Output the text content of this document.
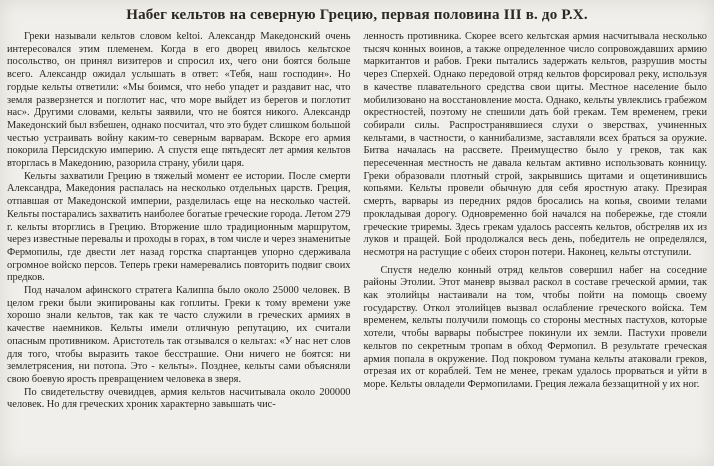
Набег кельтов на северную Грецию, первая половина III в. до Р.Х.

Греки называли кельтов словом keltoi. Александр Македонский очень интересовался этим племенем. Когда в его дворец явилось кельтское посольство, он принял визитеров и спросил их, чего они боятся больше всего. Александр ожидал услышать в ответ: «Тебя, наш господин». Но гордые кельты ответили: «Мы боимся, что небо упадет и раздавит нас, что земля разверзнется и поглотит нас, что море выйдет из берегов и поглотит нас». Другими словами, кельты заявили, что не боятся никого. Александр Македонский был взбешен, однако посчитал, что это будет слишком большой честью устраивать войну каким-то северным варварам. Вскоре его армия покорила Персидскую империю. А спустя еще пятьдесят лет армия кельтов вторглась в Македонию, разорила страну, убили царя.

Кельты захватили Грецию в тяжелый момент ее истории. После смерти Александра, Македония распалась на несколько отдельных царств. Греция, отпавшая от Македонской империи, разделилась еще на несколько частей. Кельты постарались захватить наиболее богатые греческие города. Летом 279 г. кельты вторглись в Грецию. Вторжение шло традиционным маршрутом, через известные перевалы и проходы в горах, в том числе и через знаменитые Фермопилы, где двести лет назад горстка спартанцев упорно сдерживала огромное войско персов. Теперь греки намеревались повторить подвиг своих предков.

Под началом афинского стратега Калиппа было около 25000 человек. В целом греки были экипированы как гоплиты. Греки к тому времени уже хорошо знали кельтов, так как те часто служили в греческих армиях в качестве наемников. Кельты имели отличную репутацию, их считали опасным противником. Аристотель так отзывался о кельтах: «У нас нет слов для того, чтобы выразить такое бесстрашие. Они ничего не боятся: ни землетрясения, ни потопа. Это - кельты». Позднее, кельты сами объясняли свою боевую ярость превращением человека в зверя.

По свидетельству очевидцев, армия кельтов насчитывала около 200000 человек. Но для греческих хроник характерно завышать чис-

ленность противника. Скорее всего кельтская армия насчитывала несколько тысяч конных воинов, а также определенное число сопровождавших армию маркитантов и рабов. Греки пытались задержать кельтов, разрушив мосты через Сперхей. Однако передовой отряд кельтов форсировал реку, используя в качестве плавательного средства свои щиты. Местное население было мобилизовано на восстановление моста. Однако, кельты увлеклись грабежом окрестностей, поэтому не спешили дать бой грекам. Тем временем, греки собирали силы. Распространявшиеся слухи о зверствах, учиненных кельтами, в частности, о каннибализме, заставляли всех браться за оружие. Битва началась на рассвете. Преимущество было у греков, так как пересеченная местность не давала кельтам активно использовать конницу. Греки образовали плотный строй, закрывшись щитами и ощетинившись копьями. Кельты провели обычную для себя яростную атаку. Презирая смерть, варвары из передних рядов бросались на копья, своими телами прокладывая дорогу. Одновременно бой начался на побережье, где стояли греческие триремы. Здесь грекам удалось рассеять кельтов, обстреляв их из луков и пращей. Бой продолжался весь день, победитель не определялся, несмотря на растущие с обеих сторон потери. Наконец, кельты отступили.

Спустя неделю конный отряд кельтов совершил набег на соседние районы Этолии. Этот маневр вызвал раскол в составе греческой армии, так как этолийцы настаивали на том, чтобы пойти на помощь своему государству. Откол этолийцев вызвал ослабление греческого войска. Тем временем, кельты получили помощь со стороны местных пастухов, которые хотели, чтобы варвары побыстрее покинули их земли. Пастухи провели кельтов по секретным тропам в обход Фермопил. В результате греческая армия попала в окружение. Под покровом тумана кельты атаковали греков, отрезая их от кораблей. Тем не менее, грекам удалось прорваться и уйти в море. Кельты овладели Фермопилами. Греция лежала беззащитной у их ног.
